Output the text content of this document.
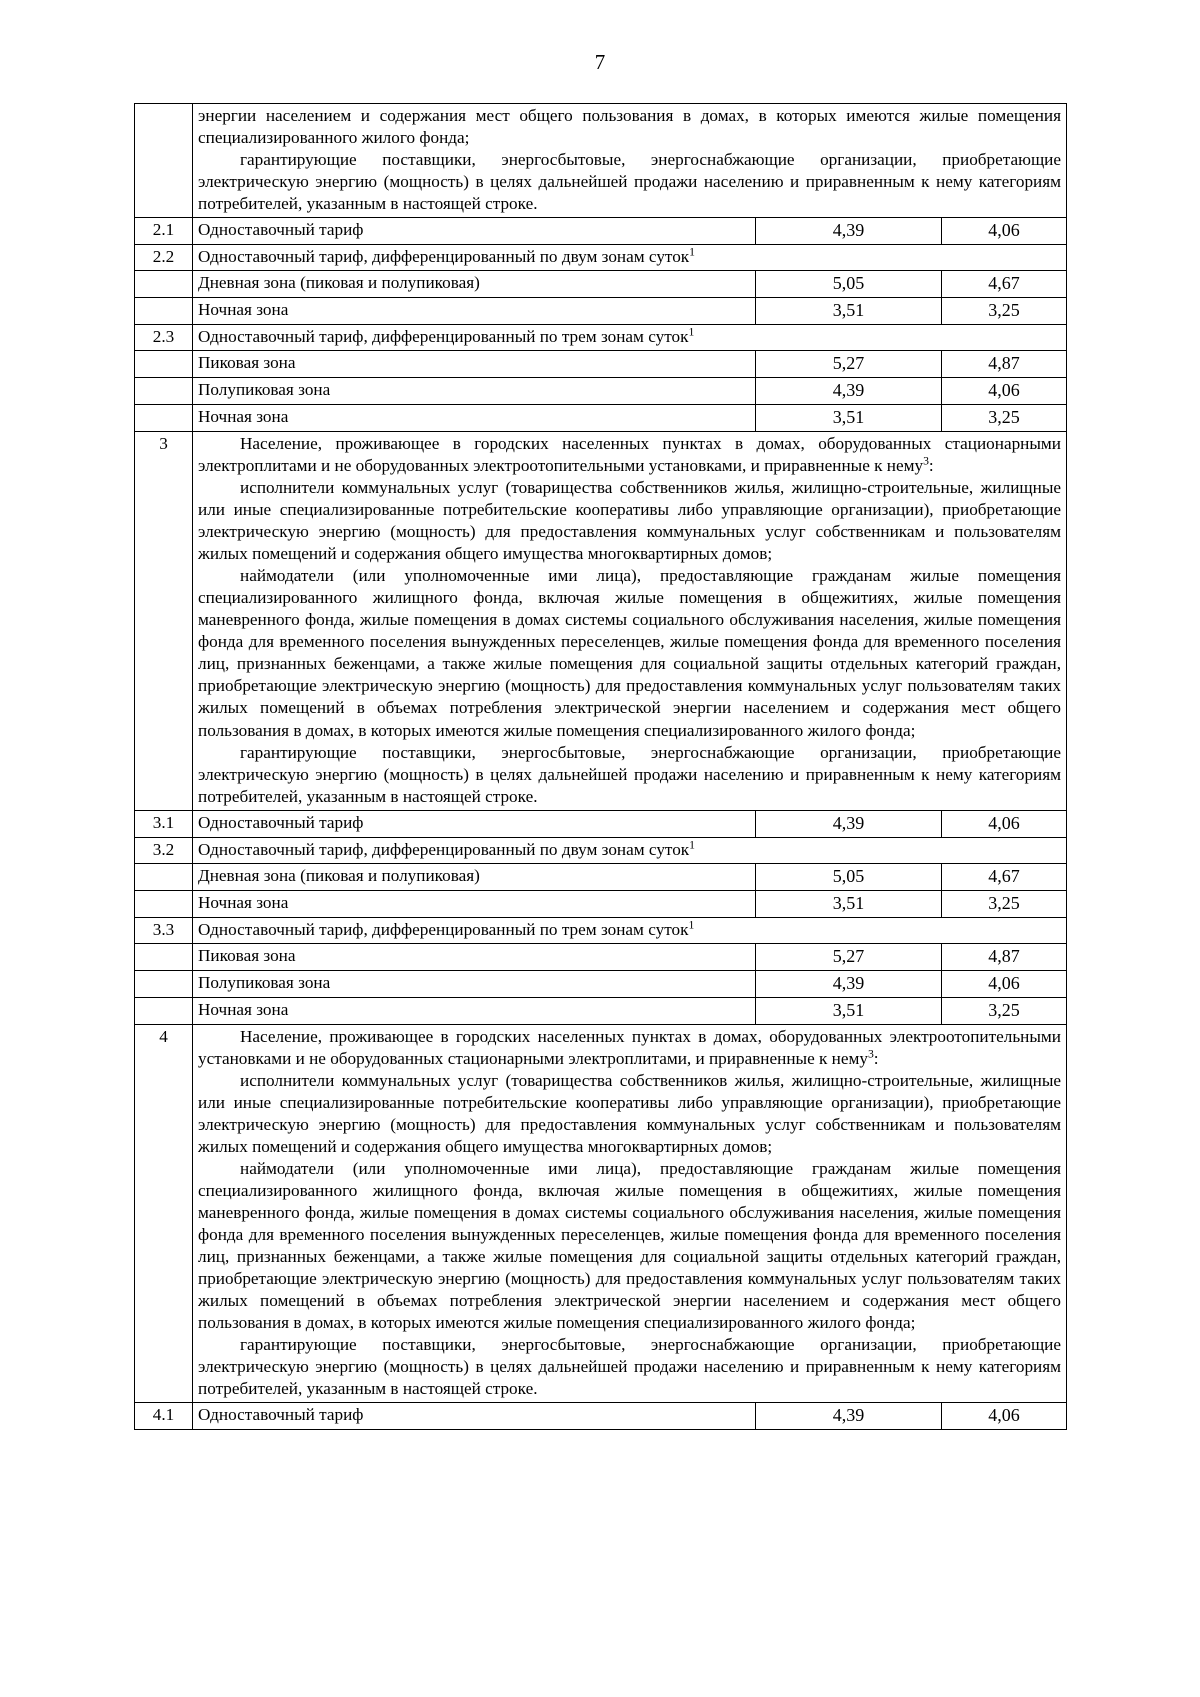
7

	энергии населением и содержания мест общего пользования в домах, в которых имеются жилые помещения специализированного жилого фонда;

гарантирующие поставщики, энергосбытовые, энергоснабжающие организации, приобретающие электрическую энергию (мощность) в целях дальнейшей продажи населению и приравненным к нему категориям потребителей, указанным в настоящей строке.		

2.1	Одноставочный тариф	4,39	4,06
2.2	Одноставочный тариф, дифференцированный по двум зонам суток$^1$
	Дневная зона (пиковая и полупиковая)	5,05	4,67
	Ночная зона	3,51	3,25
2.3	Одноставочный тариф, дифференцированный по трем зонам суток$^1$
	Пиковая зона	5,27	4,87
	Полупиковая зона	4,39	4,06
	Ночная зона	3,51	3,25
3	Население, проживающее в городских населенных пунктах в домах, оборудованных стационарными электроплитами и не оборудованных электроотопительными установками, и приравненные к нему$^3$:

исполнители коммунальных услуг (товарищества собственников жилья, жилищно-строительные, жилищные или иные специализированные потребительские кооперативы либо управляющие организации), приобретающие электрическую энергию (мощность) для предоставления коммунальных услуг собственникам и пользователям жилых помещений и содержания общего имущества многоквартирных домов;

наймодатели (или уполномоченные ими лица), предоставляющие гражданам жилые помещения специализированного жилищного фонда, включая жилые помещения в общежитиях, жилые помещения маневренного фонда, жилые помещения в домах системы социального обслуживания населения, жилые помещения фонда для временного поселения вынужденных переселенцев, жилые помещения фонда для временного поселения лиц, признанных беженцами, а также жилые помещения для социальной защиты отдельных категорий граждан, приобретающие электрическую энергию (мощность) для предоставления коммунальных услуг пользователям таких жилых помещений в объемах потребления электрической энергии населением и содержания мест общего пользования в домах, в которых имеются жилые помещения специализированного жилого фонда;

гарантирующие поставщики, энергосбытовые, энергоснабжающие организации, приобретающие электрическую энергию (мощность) в целях дальнейшей продажи населению и приравненным к нему категориям потребителей, указанным в настоящей строке.		

3.1	Одноставочный тариф	4,39	4,06
3.2	Одноставочный тариф, дифференцированный по двум зонам суток$^1$
	Дневная зона (пиковая и полупиковая)	5,05	4,67
	Ночная зона	3,51	3,25
3.3	Одноставочный тариф, дифференцированный по трем зонам суток$^1$
	Пиковая зона	5,27	4,87
	Полупиковая зона	4,39	4,06
	Ночная зона	3,51	3,25
4	Население, проживающее в городских населенных пунктах в домах, оборудованных электроотопительными установками и не оборудованных стационарными электроплитами, и приравненные к нему$^3$:

исполнители коммунальных услуг (товарищества собственников жилья, жилищно-строительные, жилищные или иные специализированные потребительские кооперативы либо управляющие организации), приобретающие электрическую энергию (мощность) для предоставления коммунальных услуг собственникам и пользователям жилых помещений и содержания общего имущества многоквартирных домов;

наймодатели (или уполномоченные ими лица), предоставляющие гражданам жилые помещения специализированного жилищного фонда, включая жилые помещения в общежитиях, жилые помещения маневренного фонда, жилые помещения в домах системы социального обслуживания населения, жилые помещения фонда для временного поселения вынужденных переселенцев, жилые помещения фонда для временного поселения лиц, признанных беженцами, а также жилые помещения для социальной защиты отдельных категорий граждан, приобретающие электрическую энергию (мощность) для предоставления коммунальных услуг пользователям таких жилых помещений в объемах потребления электрической энергии населением и содержания мест общего пользования в домах, в которых имеются жилые помещения специализированного жилого фонда;

гарантирующие поставщики, энергосбытовые, энергоснабжающие организации, приобретающие электрическую энергию (мощность) в целях дальнейшей продажи населению и приравненным к нему категориям потребителей, указанным в настоящей строке.		

4.1	Одноставочный тариф	4,39	4,06
